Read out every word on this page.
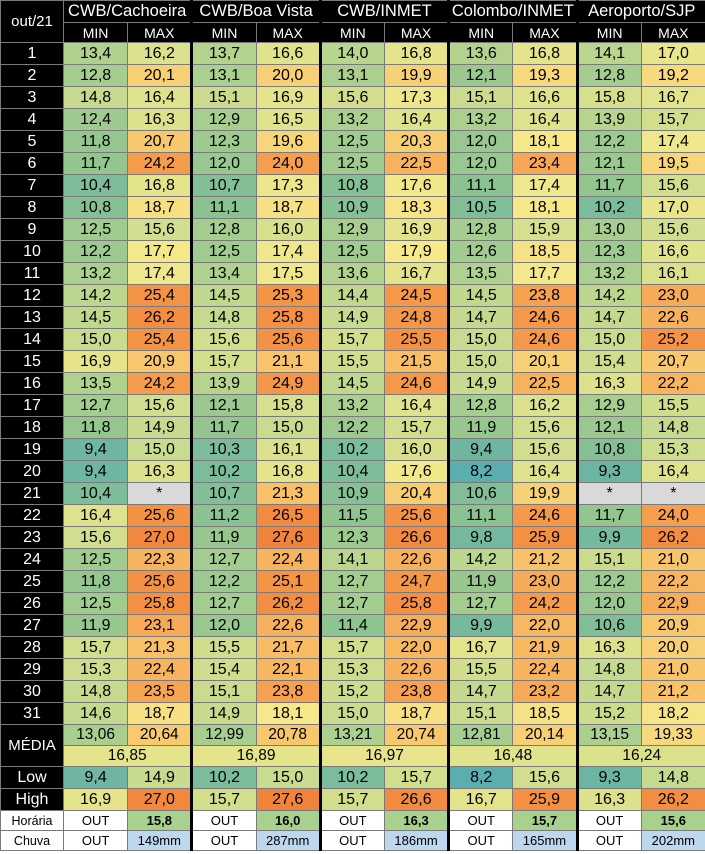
out/21	CWB/Cachoeira		CWB/Boa Vista		CWB/INMET		Colombo/INMET		Aeroporto/SJP	
	MIN	MAX	MIN	MAX	MIN	MAX	MIN	MAX	MIN	MAX
1	13,4	16,2	13,7	16,6	14,0	16,8	13,6	16,8	14,1	17,0
2	12,8	20,1	13,1	20,0	13,1	19,9	12,1	19,3	12,8	19,2
3	14,8	16,4	15,1	16,9	15,6	17,3	15,1	16,6	15,8	16,7
4	12,4	16,3	12,9	16,5	13,2	16,4	13,2	16,4	13,9	15,7
5	11,8	20,7	12,3	19,6	12,5	20,3	12,0	18,1	12,2	17,4
6	11,7	24,2	12,0	24,0	12,5	22,5	12,0	23,4	12,1	19,5
7	10,4	16,8	10,7	17,3	10,8	17,6	11,1	17,4	11,7	15,6
8	10,8	18,7	11,1	18,7	10,9	18,3	10,5	18,1	10,2	17,0
9	12,5	15,6	12,8	16,0	12,9	16,9	12,8	15,9	13,0	15,6
10	12,2	17,7	12,5	17,4	12,5	17,9	12,6	18,5	12,3	16,6
11	13,2	17,4	13,4	17,5	13,6	16,7	13,5	17,7	13,2	16,1
12	14,2	25,4	14,5	25,3	14,4	24,5	14,5	23,8	14,2	23,0
13	14,5	26,2	14,8	25,8	14,9	24,8	14,7	24,6	14,7	22,6
14	15,0	25,4	15,6	25,6	15,7	25,5	15,0	24,6	15,0	25,2
15	16,9	20,9	15,7	21,1	15,5	21,5	15,0	20,1	15,4	20,7
16	13,5	24,2	13,9	24,9	14,5	24,6	14,9	22,5	16,3	22,2
17	12,7	15,6	12,1	15,8	13,2	16,4	12,8	16,2	12,9	15,5
18	11,8	14,9	11,7	15,0	12,2	15,7	11,9	15,6	12,1	14,8
19	9,4	15,0	10,3	16,1	10,2	16,0	9,4	15,6	10,8	15,3
20	9,4	16,3	10,2	16,8	10,4	17,6	8,2	16,4	9,3	16,4
21	10,4	*	10,7	21,3	10,9	20,4	10,6	19,9	*	*
22	16,4	25,6	11,2	26,5	11,5	25,6	11,1	24,6	11,7	24,0
23	15,6	27,0	11,9	27,6	12,3	26,6	9,8	25,9	9,9	26,2
24	12,5	22,3	12,7	22,4	14,1	22,6	14,2	21,2	15,1	21,0
25	11,8	25,6	12,2	25,1	12,7	24,7	11,9	23,0	12,2	22,2
26	12,5	25,8	12,7	26,2	12,7	25,8	12,7	24,2	12,0	22,9
27	11,9	23,1	12,0	22,6	11,4	22,9	9,9	22,0	10,6	20,9
28	15,7	21,3	15,5	21,7	15,7	22,0	16,7	21,9	16,3	20,0
29	15,3	22,4	15,4	22,1	15,3	22,6	15,5	22,4	14,8	21,0
30	14,8	23,5	15,1	23,8	15,2	23,8	14,7	23,2	14,7	21,2
31	14,6	18,7	14,9	18,1	15,0	18,7	15,1	18,5	15,2	18,2
MÉDIA	13,06	20,64	12,99	20,78	13,21	20,74	12,81	20,14	13,15	19,33
	16,85		16,89		16,97		16,48		16,24	
Low	9,4	14,9	10,2	15,0	10,2	15,7	8,2	15,6	9,3	14,8
High	16,9	27,0	15,7	27,6	15,7	26,6	16,7	25,9	16,3	26,2
Horária	OUT	15,8	OUT	16,0	OUT	16,3	OUT	15,7	OUT	15,6
Chuva	OUT	149mm	OUT	287mm	OUT	186mm	OUT	165mm	OUT	202mm
